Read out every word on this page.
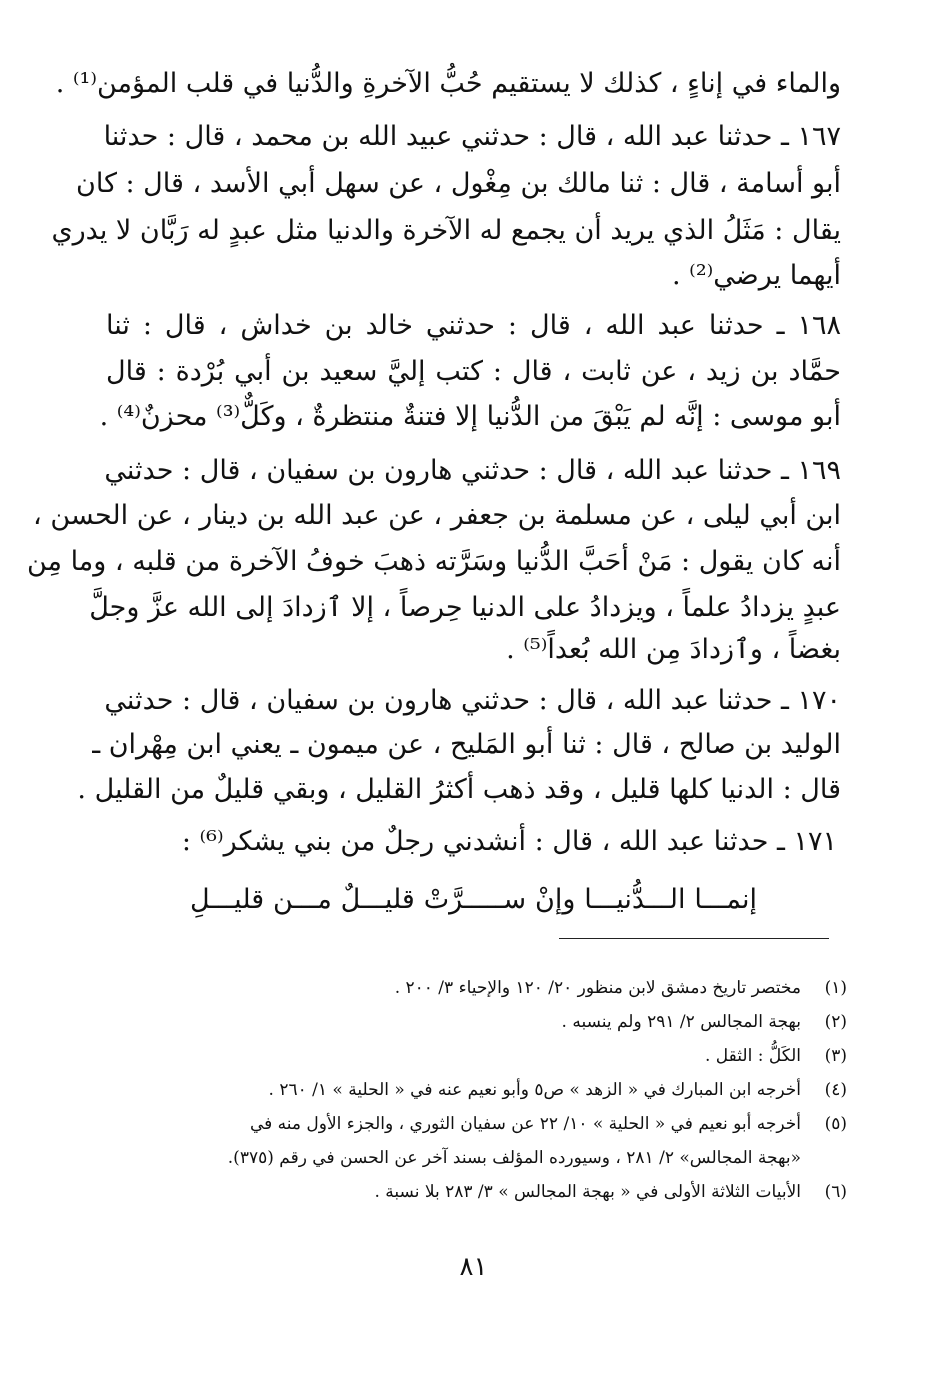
والماء في إناءٍ ، كذلك لا يستقيم حُبُّ الآخرةِ والدُّنيا في قلب المؤمن⁽¹⁾ .
١٦٧ ـ حدثنا عبد الله ، قال : حدثني عبيد الله بن محمد ، قال : حدثنا
أبو أسامة ، قال : ثنا مالك بن مِغْول ، عن سهل أبي الأسد ، قال : كان
يقال : مَثَلُ الذي يريد أن يجمع له الآخرة والدنيا مثل عبدٍ له رَبَّان لا يدري
أيهما يرضي⁽²⁾ .
١٦٨ ـ حدثنا عبد الله ، قال : حدثني خالد بن خداش ، قال : ثنا
حمَّاد بن زيد ، عن ثابت ، قال : كتب إليَّ سعيد بن أبي بُرْدة : قال
أبو موسى : إنَّه لم يَبْقَ من الدُّنيا إلا فتنةٌ منتظرةٌ ، وكَلٌّ⁽³⁾ محزنٌ⁽⁴⁾ .
١٦٩ ـ حدثنا عبد الله ، قال : حدثني هارون بن سفيان ، قال : حدثني
ابن أبي ليلى ، عن مسلمة بن جعفر ، عن عبد الله بن دينار ، عن الحسن ،
أنه كان يقول : مَنْ أحَبَّ الدُّنيا وسَرَّته ذهبَ خوفُ الآخرة من قلبه ، وما مِن
عبدٍ يزدادُ علماً ، ويزدادُ على الدنيا حِرصاً ، إلا ٱزدادَ إلى الله عزَّ وجلَّ
بغضاً ، وٱزدادَ مِن الله بُعداً⁽⁵⁾ .
١٧٠ ـ حدثنا عبد الله ، قال : حدثني هارون بن سفيان ، قال : حدثني
الوليد بن صالح ، قال : ثنا أبو المَليح ، عن ميمون ـ يعني ابن مِهْران ـ
قال : الدنيا كلها قليل ، وقد ذهب أكثرُ القليل ، وبقي قليلٌ من القليل .
١٧١ ـ حدثنا عبد الله ، قال : أنشدني رجلٌ من بني يشكر⁽⁶⁾ :
إنمـــا الـــدُّنيـــا وإنْ ســـــرَّتْ قليـــلٌ مـــن قليـــلِ
(١)
مختصر تاريخ دمشق لابن منظور ٢٠/ ١٢٠ والإحياء ٣/ ٢٠٠ .
(٢)
بهجة المجالس ٢/ ٢٩١ ولم ينسبه .
(٣)
الكَلُّ : الثقل .
(٤)
أخرجه ابن المبارك في « الزهد » ص٥ وأبو نعيم عنه في « الحلية » ١/ ٢٦٠ .
(٥)
أخرجه أبو نعيم في « الحلية » ١٠/ ٢٢ عن سفيان الثوري ، والجزء الأول منه في
«بهجة المجالس» ٢/ ٢٨١ ، وسيورده المؤلف بسند آخر عن الحسن في رقم (٣٧٥).
(٦)
الأبيات الثلاثة الأولى في « بهجة المجالس » ٣/ ٢٨٣ بلا نسبة .
٨١
